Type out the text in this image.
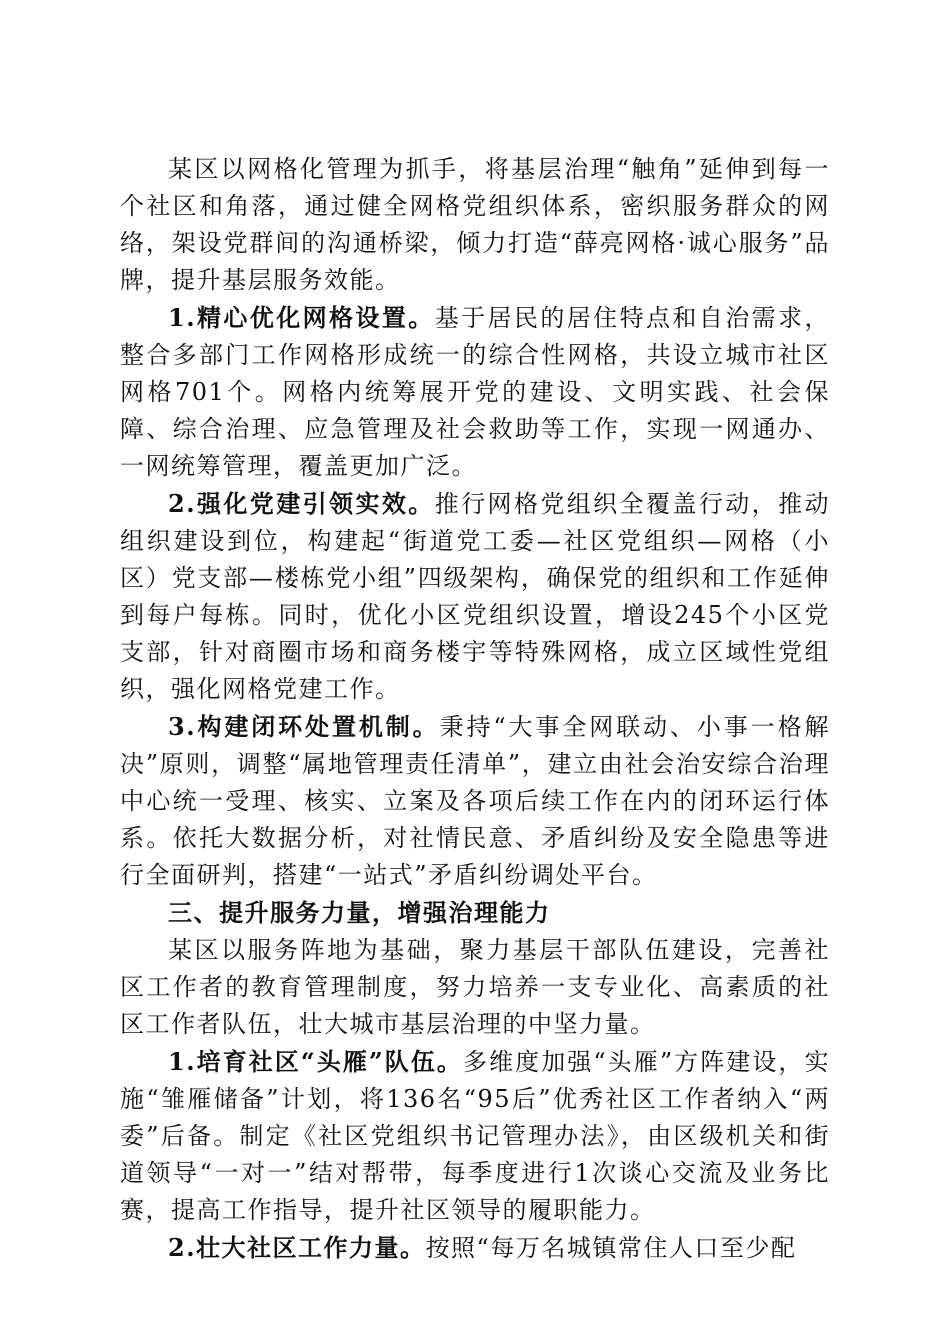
某区以网格化管理为抓手，将基层治理“触角”延伸到每一个社区和角落，通过健全网格党组织体系，密织服务群众的网络，架设党群间的沟通桥梁，倾力打造“薛亮网格·诚心服务”品牌，提升基层服务效能。

1.精心优化网格设置。基于居民的居住特点和自治需求，整合多部门工作网格形成统一的综合性网格，共设立城市社区网格701个。网格内统筹展开党的建设、文明实践、社会保障、综合治理、应急管理及社会救助等工作，实现一网通办、一网统筹管理，覆盖更加广泛。

2.强化党建引领实效。推行网格党组织全覆盖行动，推动组织建设到位，构建起“街道党工委—社区党组织—网格（小区）党支部—楼栋党小组”四级架构，确保党的组织和工作延伸到每户每栋。同时，优化小区党组织设置，增设245个小区党支部，针对商圈市场和商务楼宇等特殊网格，成立区域性党组织，强化网格党建工作。

3.构建闭环处置机制。秉持“大事全网联动、小事一格解决”原则，调整“属地管理责任清单”，建立由社会治安综合治理中心统一受理、核实、立案及各项后续工作在内的闭环运行体系。依托大数据分析，对社情民意、矛盾纠纷及安全隐患等进行全面研判，搭建“一站式”矛盾纠纷调处平台。

三、提升服务力量，增强治理能力

某区以服务阵地为基础，聚力基层干部队伍建设，完善社区工作者的教育管理制度，努力培养一支专业化、高素质的社区工作者队伍，壮大城市基层治理的中坚力量。

1.培育社区“头雁”队伍。多维度加强“头雁”方阵建设，实施“雏雁储备”计划，将136名“95后”优秀社区工作者纳入“两委”后备。制定《社区党组织书记管理办法》，由区级机关和街道领导“一对一”结对帮带，每季度进行1次谈心交流及业务比赛，提高工作指导，提升社区领导的履职能力。

2.壮大社区工作力量。按照“每万名城镇常住人口至少配
